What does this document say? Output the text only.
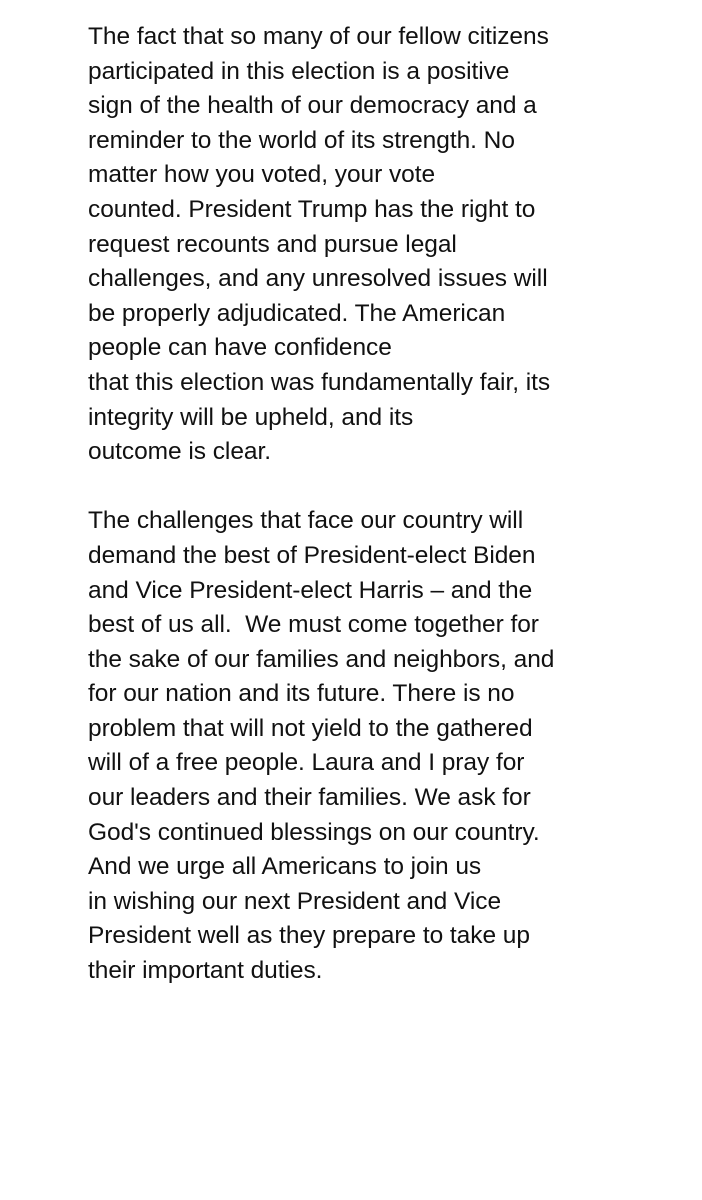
The fact that so many of our fellow citizens
participated in this election is a positive
sign of the health of our democracy and a
reminder to the world of its strength. No
matter how you voted, your vote
counted. President Trump has the right to
request recounts and pursue legal
challenges, and any unresolved issues will
be properly adjudicated. The American
people can have confidence
that this election was fundamentally fair, its
integrity will be upheld, and its
outcome is clear.

The challenges that face our country will
demand the best of President-elect Biden
and Vice President-elect Harris – and the
best of us all.  We must come together for
the sake of our families and neighbors, and
for our nation and its future. There is no
problem that will not yield to the gathered
will of a free people. Laura and I pray for
our leaders and their families. We ask for
God's continued blessings on our country.
And we urge all Americans to join us
in wishing our next President and Vice
President well as they prepare to take up
their important duties.
